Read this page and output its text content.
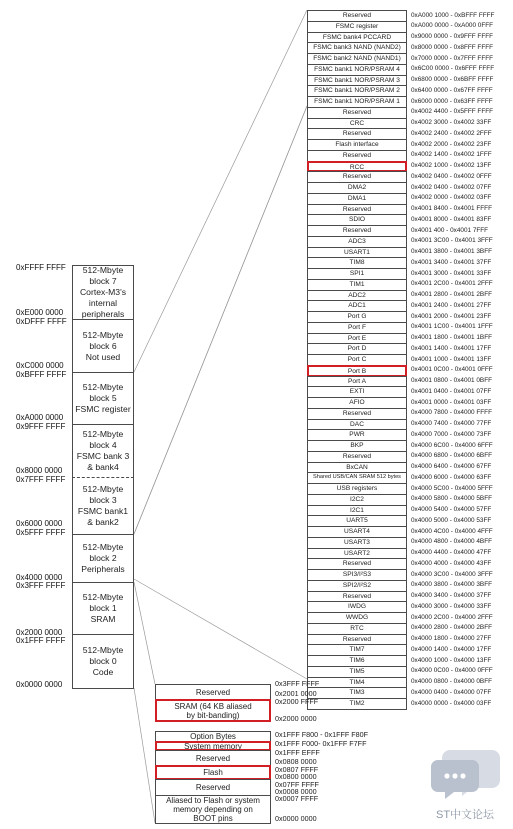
Reserved	0xA000 1000 - 0xBFFF FFFF
FSMC register	0xA000 0000 - 0xA000 0FFF
FSMC bank4 PCCARD	0x9000 0000 - 0x9FFF FFFF
FSMC bank3 NAND (NAND2)	0x8000 0000 - 0x8FFF FFFF
FSMC bank2 NAND (NAND1)	0x7000 0000 - 0x7FFF FFFF
FSMC bank1 NOR/PSRAM 4	0x6C00 0000 - 0x6FFF FFFF
FSMC bank1 NOR/PSRAM 3	0x6800 0000 - 0x6BFF FFFF
FSMC bank1 NOR/PSRAM 2	0x6400 0000 - 0x67FF FFFF
FSMC bank1 NOR/PSRAM 1	0x6000 0000 - 0x63FF FFFF
Reserved	0x4002 4400 - 0x5FFF FFFF
CRC	0x4002 3000 - 0x4002 33FF
Reserved	0x4002 2400 - 0x4002 2FFF
Flash interface	0x4002 2000 - 0x4002 23FF
Reserved	0x4002 1400 - 0x4002 1FFF
RCC	0x4002 1000 - 0x4002 13FF
Reserved	0x4002 0400 - 0x4002 0FFF
DMA2	0x4002 0400 - 0x4002 07FF
DMA1	0x4002 0000 - 0x4002 03FF
Reserved	0x4001 8400 - 0x4001 FFFF
SDIO	0x4001 8000 - 0x4001 83FF
Reserved	0x4001 400 - 0x4001 7FFF
ADC3	0x4001 3C00 - 0x4001 3FFF
USART1	0x4001 3800 - 0x4001 3BFF
TIM8	0x4001 3400 - 0x4001 37FF
SPI1	0x4001 3000 - 0x4001 33FF
TIM1	0x4001 2C00 - 0x4001 2FFF
ADC2	0x4001 2800 - 0x4001 2BFF
ADC1	0x4001 2400 - 0x4001 27FF
Port G	0x4001 2000 - 0x4001 23FF
Port F	0x4001 1C00 - 0x4001 1FFF
Port E	0x4001 1800 - 0x4001 1BFF
Port D	0x4001 1400 - 0x4001 17FF
Port C	0x4001 1000 - 0x4001 13FF
Port B	0x4001 0C00 - 0x4001 0FFF
Port A	0x4001 0800 - 0x4001 0BFF
EXTI	0x4001 0400 - 0x4001 07FF
AFIO	0x4001 0000 - 0x4001 03FF
Reserved	0x4000 7800 - 0x4000 FFFF
DAC	0x4000 7400 - 0x4000 77FF
PWR	0x4000 7000 - 0x4000 73FF
BKP	0x4000 6C00 - 0x4000 6FFF
Reserved	0x4000 6800 - 0x4000 6BFF
BxCAN	0x4000 6400 - 0x4000 67FF
Shared USB/CAN SRAM 512 bytes	0x4000 6000 - 0x4000 63FF
USB registers	0x4000 5C00 - 0x4000 5FFF
I2C2	0x4000 5800 - 0x4000 5BFF
I2C1	0x4000 5400 - 0x4000 57FF
UART5	0x4000 5000 - 0x4000 53FF
USART4	0x4000 4C00 - 0x4000 4FFF
USART3	0x4000 4800 - 0x4000 4BFF
USART2	0x4000 4400 - 0x4000 47FF
Reserved	0x4000 4000 - 0x4000 43FF
SPI3/I²S3	0x4000 3C00 - 0x4000 3FFF
SPI2/I²S2	0x4000 3800 - 0x4000 3BFF
Reserved	0x4000 3400 - 0x4000 37FF
IWDG	0x4000 3000 - 0x4000 33FF
WWDG	0x4000 2C00 - 0x4000 2FFF
RTC	0x4000 2800 - 0x4000 2BFF
Reserved	0x4000 1800 - 0x4000 27FF
TIM7	0x4000 1400 - 0x4000 17FF
TIM6	0x4000 1000 - 0x4000 13FF
TIM5	0x4000 0C00 - 0x4000 0FFF
TIM4	0x4000 0800 - 0x4000 0BFF
TIM3	0x4000 0400 - 0x4000 07FF
TIM2	0x4000 0000 - 0x4000 03FF
512-Mbyte
block 7
Cortex-M3's
internal
peripherals
512-Mbyte
block 6
Not used
512-Mbyte
block 5
FSMC register
512-Mbyte
block 4
FSMC bank 3
& bank4
512-Mbyte
block 3
FSMC bank1
& bank2
512-Mbyte
block 2
Peripherals
512-Mbyte
block 1
SRAM
512-Mbyte
block 0
Code
0xFFFF FFFF
0xE000 0000
0xDFFF FFFF
0xC000 0000
0xBFFF FFFF
0xA000 0000
0x9FFF FFFF
0x8000 0000
0x7FFF FFFF
0x6000 0000
0x5FFF FFFF
0x4000 0000
0x3FFF FFFF
0x2000 0000
0x1FFF FFFF
0x0000 0000
Reserved
SRAM (64 KB aliased
by bit-banding)
Option Bytes
System memory
Reserved
Flash
Reserved
Aliased to Flash or system
memory depending on
BOOT pins
0x3FFF FFFF
0x2001 0000
0x2000 FFFF
0x2000 0000
0x1FFF F800 - 0x1FFF F80F
0x1FFF F000- 0x1FFF F7FF
0x1FFF EFFF
0x0808 0000
0x0807 FFFF
0x0800 0000
0x07FF FFFF
0x0008 0000
0x0007 FFFF
0x0000 0000	ST中文论坛
